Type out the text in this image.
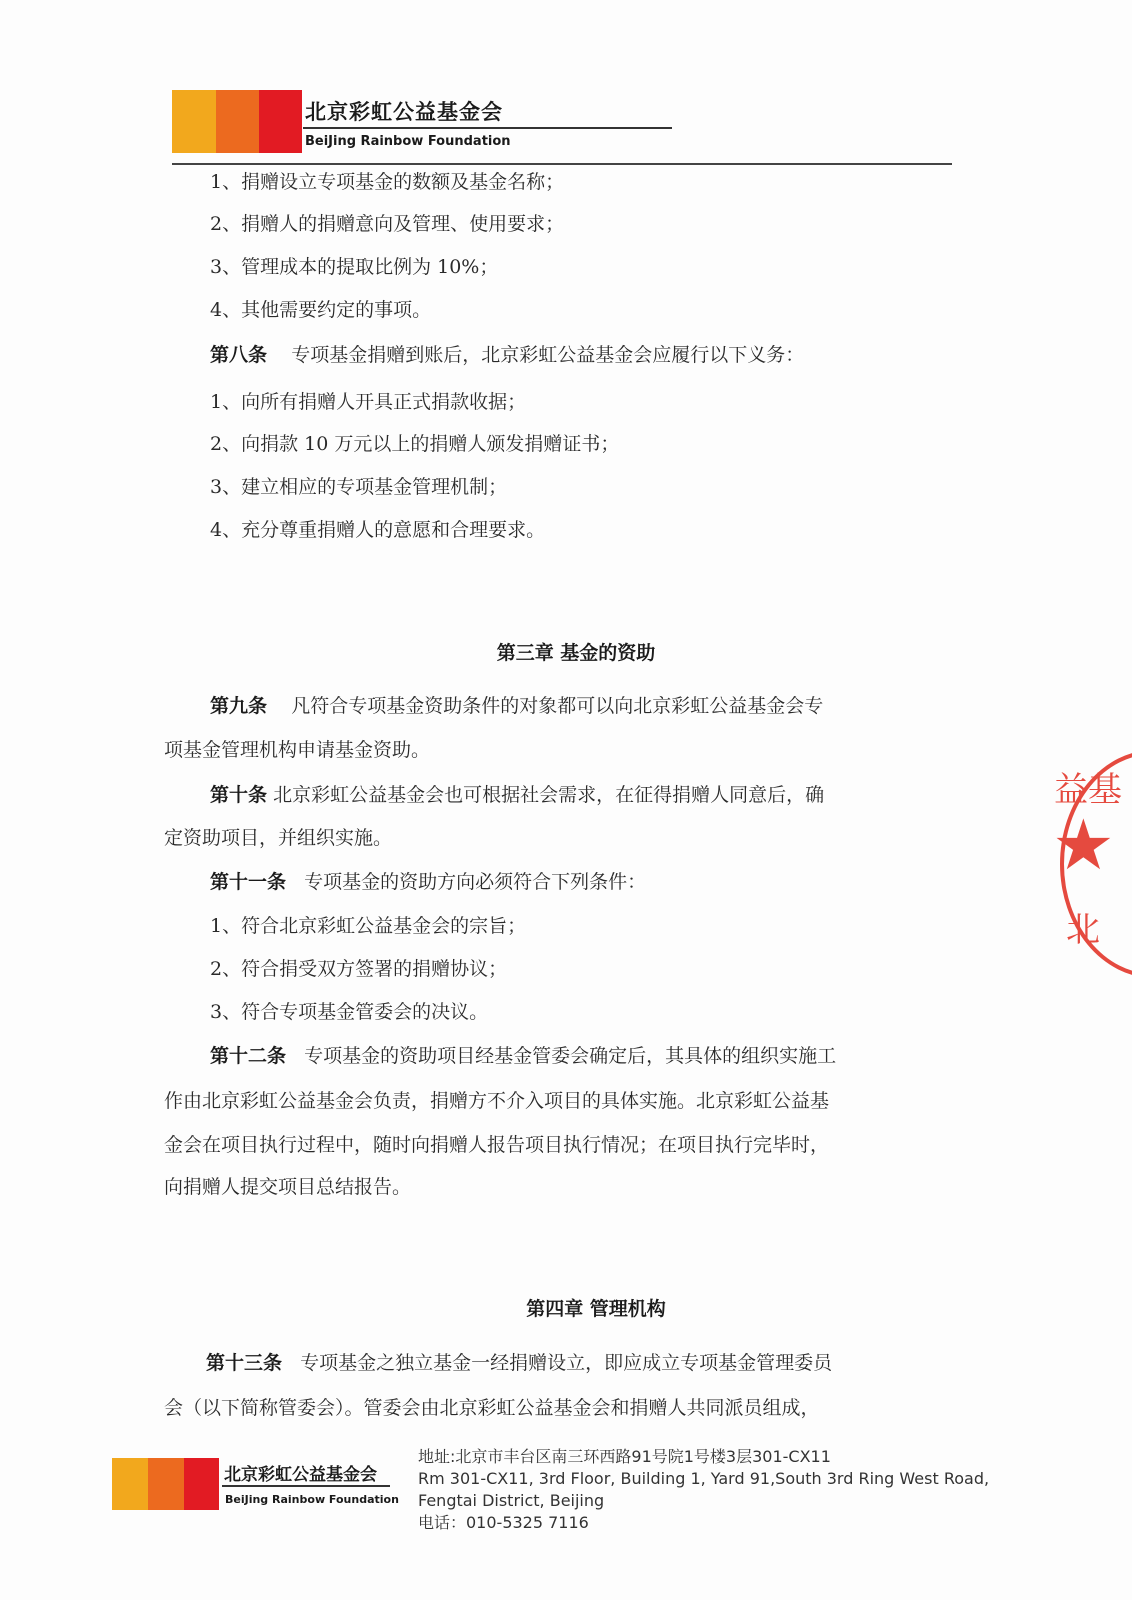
北京彩虹公益基金会
BeiJing Rainbow Foundation
1、捐赠设立专项基金的数额及基金名称；
2、捐赠人的捐赠意向及管理、使用要求；
3、管理成本的提取比例为 10%；
4、其他需要约定的事项。
第八条 专项基金捐赠到账后，北京彩虹公益基金会应履行以下义务：
1、向所有捐赠人开具正式捐款收据；
2、向捐款 10 万元以上的捐赠人颁发捐赠证书；
3、建立相应的专项基金管理机制；
4、充分尊重捐赠人的意愿和合理要求。
第三章 基金的资助
第九条 凡符合专项基金资助条件的对象都可以向北京彩虹公益基金会专
项基金管理机构申请基金资助。
第十条 北京彩虹公益基金会也可根据社会需求，在征得捐赠人同意后，确
定资助项目，并组织实施。
第十一条 专项基金的资助方向必须符合下列条件：
1、符合北京彩虹公益基金会的宗旨；
2、符合捐受双方签署的捐赠协议；
3、符合专项基金管委会的决议。
第十二条 专项基金的资助项目经基金管委会确定后，其具体的组织实施工
作由北京彩虹公益基金会负责，捐赠方不介入项目的具体实施。北京彩虹公益基
金会在项目执行过程中，随时向捐赠人报告项目执行情况；在项目执行完毕时，
向捐赠人提交项目总结报告。
第四章 管理机构
第十三条 专项基金之独立基金一经捐赠设立，即应成立专项基金管理委员
会（以下简称管委会）。管委会由北京彩虹公益基金会和捐赠人共同派员组成，
益基
★
北
北京彩虹公益基金会
BeiJing Rainbow Foundation
地址:北京市丰台区南三环西路91号院1号楼3层301-CX11
Rm 301-CX11, 3rd Floor, Building 1, Yard 91,South 3rd Ring West Road,
Fengtai District, Beijing
电话：010-5325 7116
